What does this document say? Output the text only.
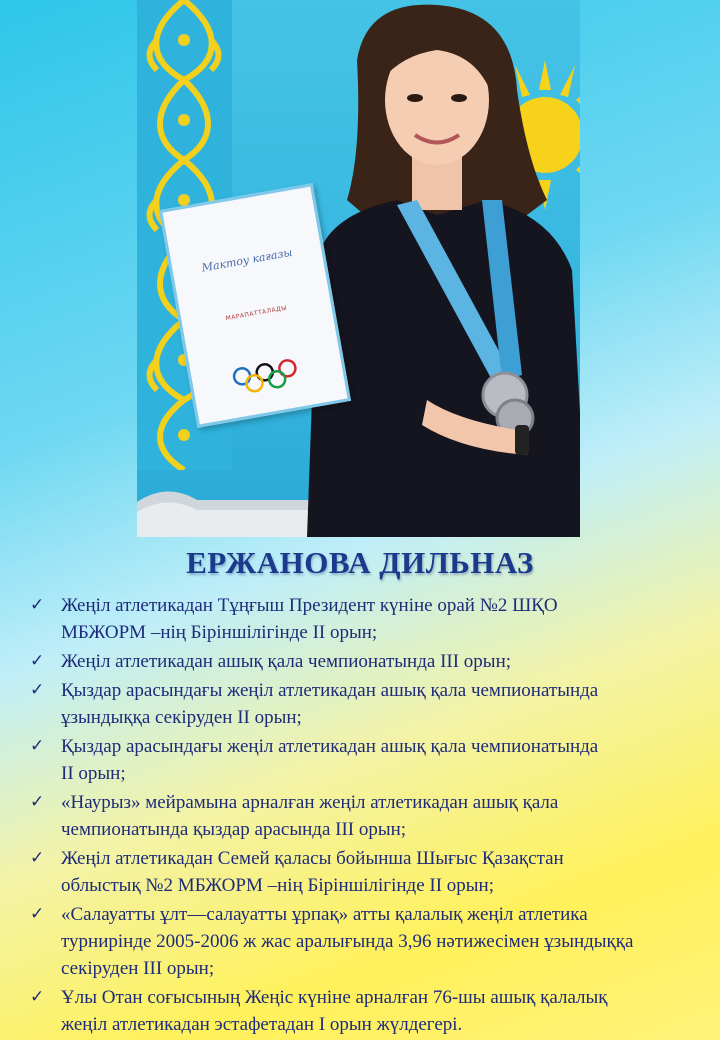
Мактоу кағазы
МАРАПАТТАЛАДЫ
ЕРЖАНОВА ДИЛЬНАЗ
✓ Жеңіл атлетикадан Тұңғыш Президент күніне орай №2 ШҚО
МБЖОРМ –нің Біріншілігінде ІІ орын;
✓ Жеңіл атлетикадан ашық қала чемпионатында ІІІ орын;
✓ Қыздар арасындағы жеңіл атлетикадан ашық қала чемпионатында
ұзындыққа секіруден ІІ орын;
✓ Қыздар арасындағы жеңіл атлетикадан ашық қала чемпионатында
ІІ орын;
✓ «Наурыз» мейрамына арналған жеңіл атлетикадан ашық қала
чемпионатында қыздар арасында ІІІ орын;
✓ Жеңіл атлетикадан Семей қаласы бойынша Шығыс Қазақстан
облыстық №2 МБЖОРМ –нің Біріншілігінде ІІ орын;
✓ «Салауатты ұлт—салауатты ұрпақ» атты қалалық жеңіл атлетика
турнирінде 2005-2006 ж жас аралығында 3,96 нәтижесімен ұзындыққа
секіруден ІІІ орын;
✓ Ұлы Отан соғысының Жеңіс күніне арналған 76-шы ашық қалалық
жеңіл атлетикадан эстафетадан І орын жүлдегері.
